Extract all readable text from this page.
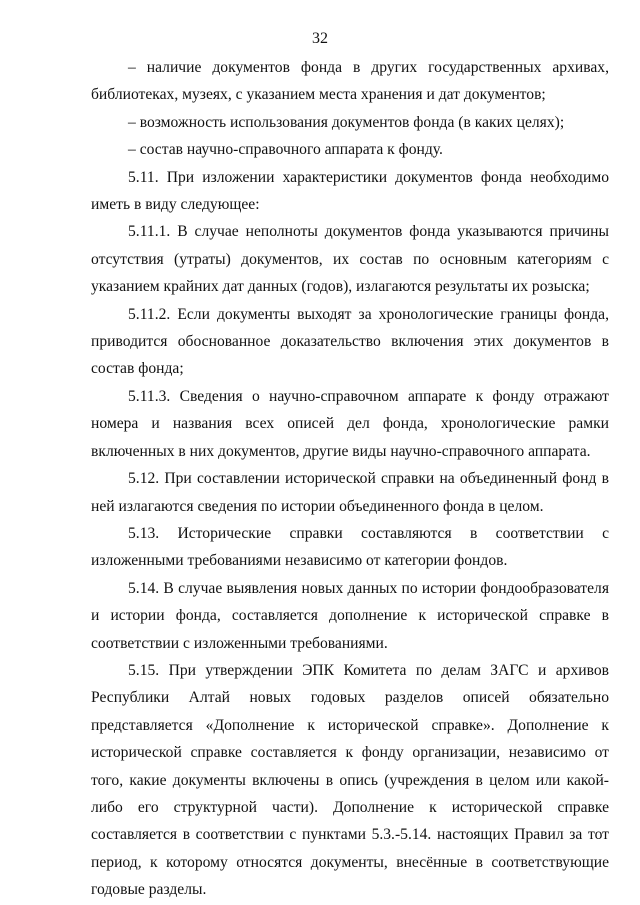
32

– наличие документов фонда в других государственных архивах, библиотеках, музеях, с указанием места хранения и дат документов;

– возможность использования документов фонда (в каких целях);

– состав научно-справочного аппарата к фонду.

5.11. При изложении характеристики документов фонда необходимо иметь в виду следующее:

5.11.1. В случае неполноты документов фонда указываются причины отсутствия (утраты) документов, их состав по основным категориям с указанием крайних дат данных (годов), излагаются результаты их розыска;

5.11.2. Если документы выходят за хронологические границы фонда, приводится обоснованное доказательство включения этих документов в состав фонда;

5.11.3. Сведения о научно-справочном аппарате к фонду отражают номера и названия всех описей дел фонда, хронологические рамки включенных в них документов, другие виды научно-справочного аппарата.

5.12. При составлении исторической справки на объединенный фонд в ней излагаются сведения по истории объединенного фонда в целом.

5.13. Исторические справки составляются в соответствии с изложенными требованиями независимо от категории фондов.

5.14. В случае выявления новых данных по истории фондообразователя и истории фонда, составляется дополнение к исторической справке в соответствии с изложенными требованиями.

5.15. При утверждении ЭПК Комитета по делам ЗАГС и архивов Республики Алтай новых годовых разделов описей обязательно представляется «Дополнение к исторической справке». Дополнение к исторической справке составляется к фонду организации, независимо от того, какие документы включены в опись (учреждения в целом или какой-либо его структурной части). Дополнение к исторической справке составляется в соответствии с пунктами 5.3.-5.14. настоящих Правил за тот период, к которому относятся документы, внесённые в соответствующие годовые разделы.
